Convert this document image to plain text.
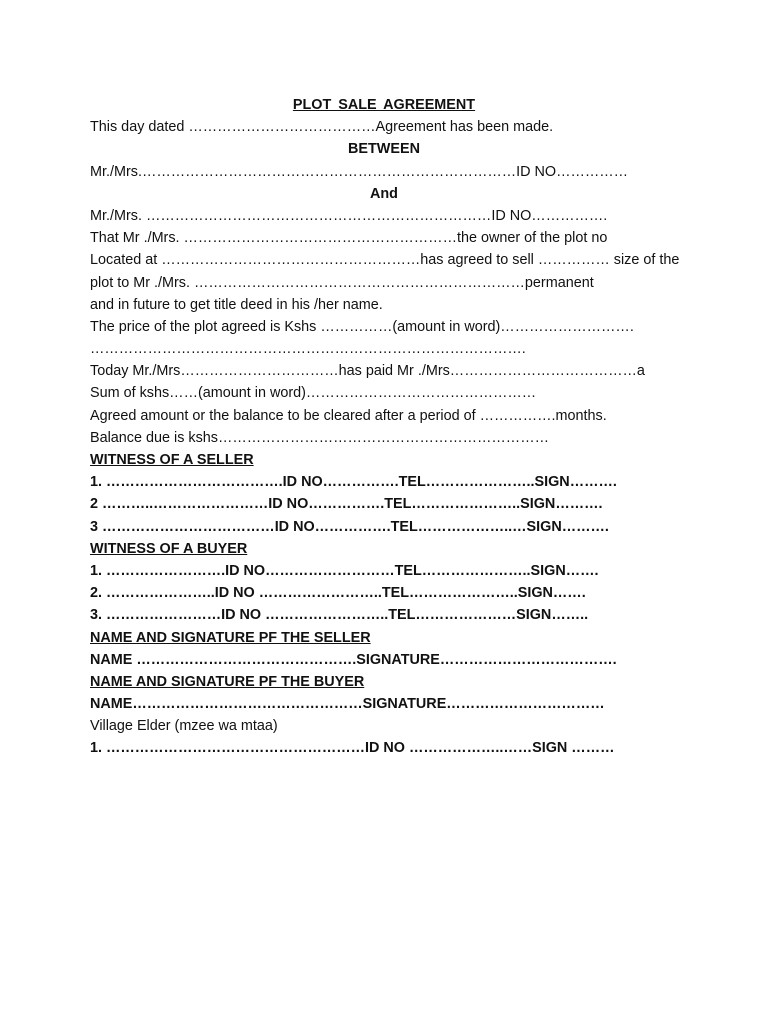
PLOT SALE AGREEMENT
This day dated …………………………………Agreement has been made.
BETWEEN
Mr./Mrs.……………………………………………………………………ID NO……………
And
Mr./Mrs. ………………………………………………………………ID NO…………….
That Mr ./Mrs. …………………………………………………the owner of the plot no
Located at ………………………………………………has agreed to sell …………… size of the
plot to Mr ./Mrs. ……………………………………………………………permanent
and in future to get title deed in his /her name.
The price of the plot agreed is Kshs ……………(amount in word)……………………….
……………………………………………………………………………….
Today Mr./Mrs……………………………has paid Mr ./Mrs…………………………………a
Sum of kshs……(amount in word)…………………………………………
Agreed amount or the balance to be cleared after a period of …………….months.
Balance due is kshs……………………………………………………………
WITNESS OF A SELLER
1. ……………………………….ID NO…………….TEL…………………..SIGN……….
2 ………..……………………ID NO…………….TEL…………………..SIGN……….
3 ………………………………ID NO…………….TEL………………..…SIGN……….
WITNESS OF A BUYER
1. …………………….ID NO………………………TEL…………………..SIGN…….
2. …………………..ID NO ……………………..TEL…………………..SIGN…….
3. ……………………ID NO ……………………..TEL…………………SIGN……..
NAME AND SIGNATURE PF THE SELLER
NAME ……………………………………….SIGNATURE……………………………….
NAME AND SIGNATURE PF THE BUYER
NAME…………………………………………SIGNATURE……………………………
Village Elder (mzee wa mtaa)
1. ………………………………………………ID NO ………………..……SIGN ………
